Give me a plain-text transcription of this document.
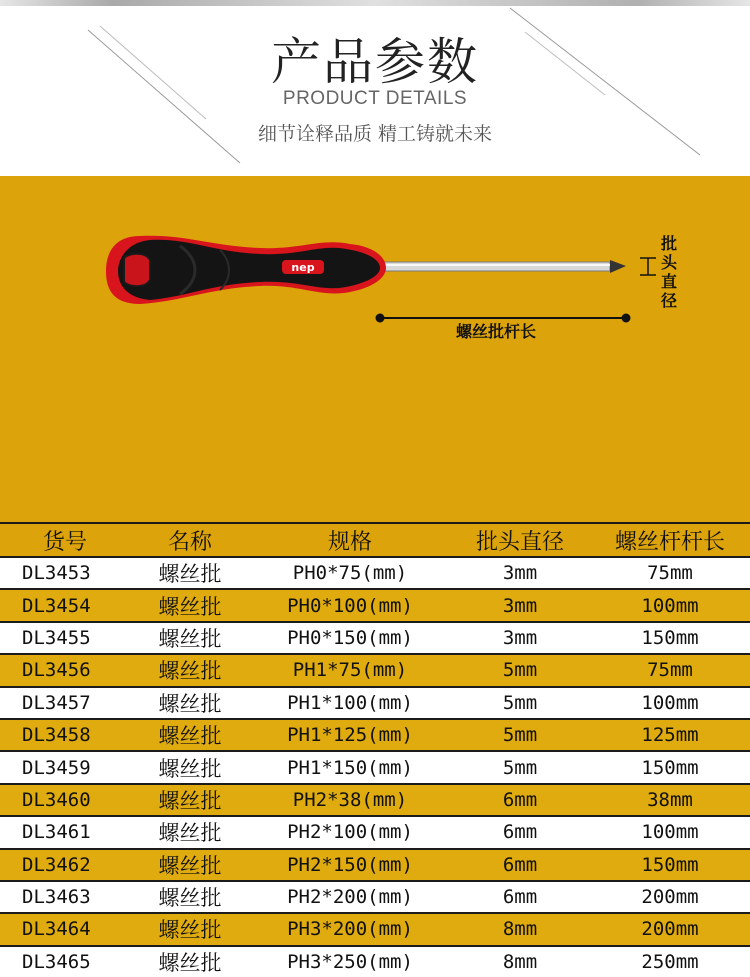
产品参数
PRODUCT DETAILS
细节诠释品质 精工铸就未来
nep
螺丝批杆长
批
头
直
径
货号	名称	规格	批头直径	螺丝杆杆长
DL3453	螺丝批	PH0*75(mm)	3mm	75mm
DL3454	螺丝批	PH0*100(mm)	3mm	100mm
DL3455	螺丝批	PH0*150(mm)	3mm	150mm
DL3456	螺丝批	PH1*75(mm)	5mm	75mm
DL3457	螺丝批	PH1*100(mm)	5mm	100mm
DL3458	螺丝批	PH1*125(mm)	5mm	125mm
DL3459	螺丝批	PH1*150(mm)	5mm	150mm
DL3460	螺丝批	PH2*38(mm)	6mm	38mm
DL3461	螺丝批	PH2*100(mm)	6mm	100mm
DL3462	螺丝批	PH2*150(mm)	6mm	150mm
DL3463	螺丝批	PH2*200(mm)	6mm	200mm
DL3464	螺丝批	PH3*200(mm)	8mm	200mm
DL3465	螺丝批	PH3*250(mm)	8mm	250mm
